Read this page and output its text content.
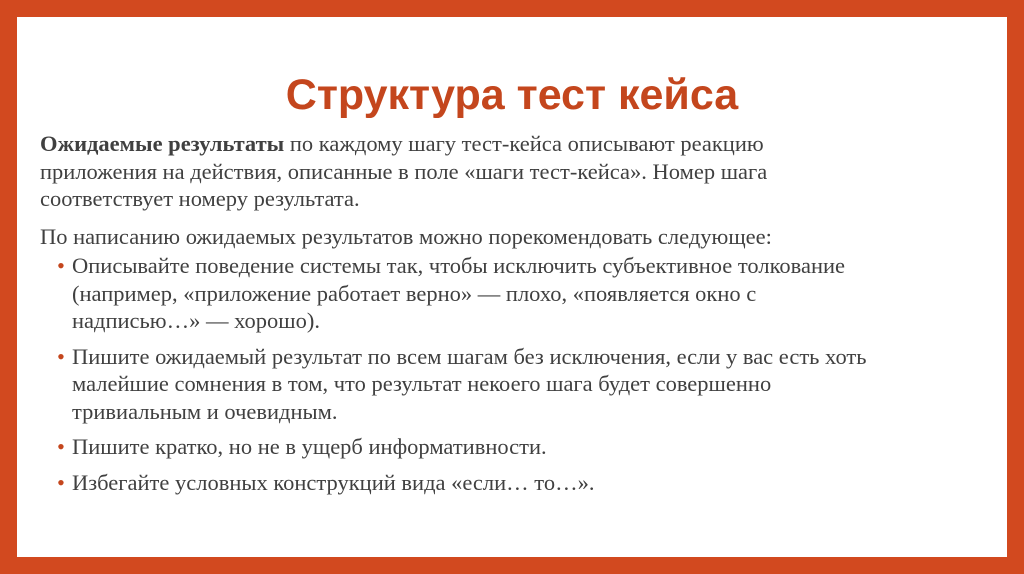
Структура тест кейса

Ожидаемые результаты по каждому шагу тест-кейса описывают реакцию
приложения на действия, описанные в поле «шаги тест-кейса». Номер шага
соответствует номеру результата.

По написанию ожидаемых результатов можно порекомендовать следующее:

• Описывайте поведение системы так, чтобы исключить субъективное толкование
(например, «приложение работает верно» — плохо, «появляется окно с
надписью…» — хорошо).
• Пишите ожидаемый результат по всем шагам без исключения, если у вас есть хоть
малейшие сомнения в том, что результат некоего шага будет совершенно
тривиальным и очевидным.
• Пишите кратко, но не в ущерб информативности.
• Избегайте условных конструкций вида «если… то…».
